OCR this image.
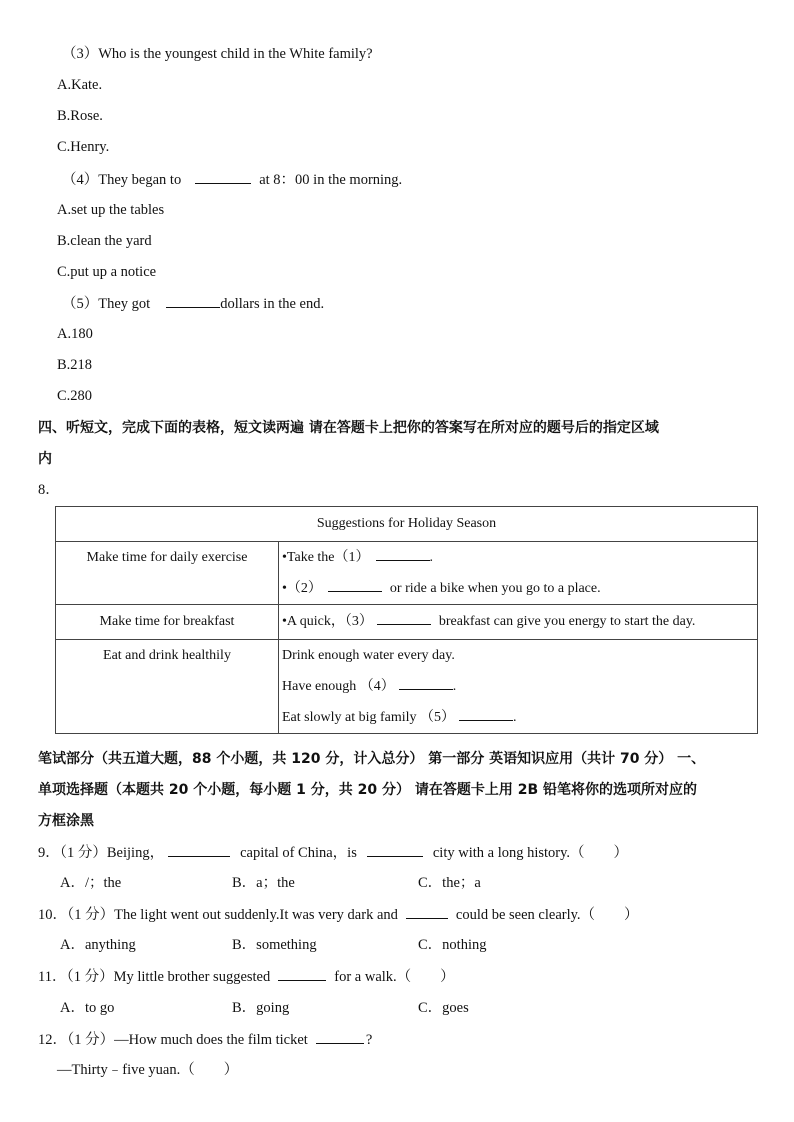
（3）Who is the youngest child in the White family?
A.Kate.
B.Rose.
C.Henry.
（4）They began to	at 8：00 in the morning.
A.set up the tables
B.clean the yard
C.put up a notice
（5）They got	dollars in the end.
A.180
B.218
C.280
四、听短文，完成下面的表格，短文读两遍 请在答题卡上把你的答案写在所对应的题号后的指定区域
内
8．
Suggestions for Holiday Season	

Make time for daily exercise	•Take the（1） .
•（2） or ride a bike when you go to a place.

Make time for breakfast	•A quick，（3） breakfast can give you energy to start the day.

Eat and drink healthily	Drink enough water every day.
Have enough （4） .
Eat slowly at big family （5） .
笔试部分（共五道大题，88 个小题，共 120 分，计入总分） 第一部分 英语知识应用（共计 70 分） 一、
单项选择题（本题共 20 个小题，每小题 1 分，共 20 分） 请在答题卡上用 2B 铅笔将你的选项所对应的
方框涂黑
9．（1 分）Beijing，	capital of China，is	city with a long history.（　　）
A．/；the	B．a；the	C．the；a
10．（1 分）The light went out suddenly.It was very dark and	could be seen clearly.（　　）
A．anything	B．something	C．nothing
11．（1 分）My little brother suggested	for a walk.（　　）
A．to go	B．going	C．goes
12．（1 分）—How much does the film ticket	?
—Thirty﹣five yuan.（　　）
